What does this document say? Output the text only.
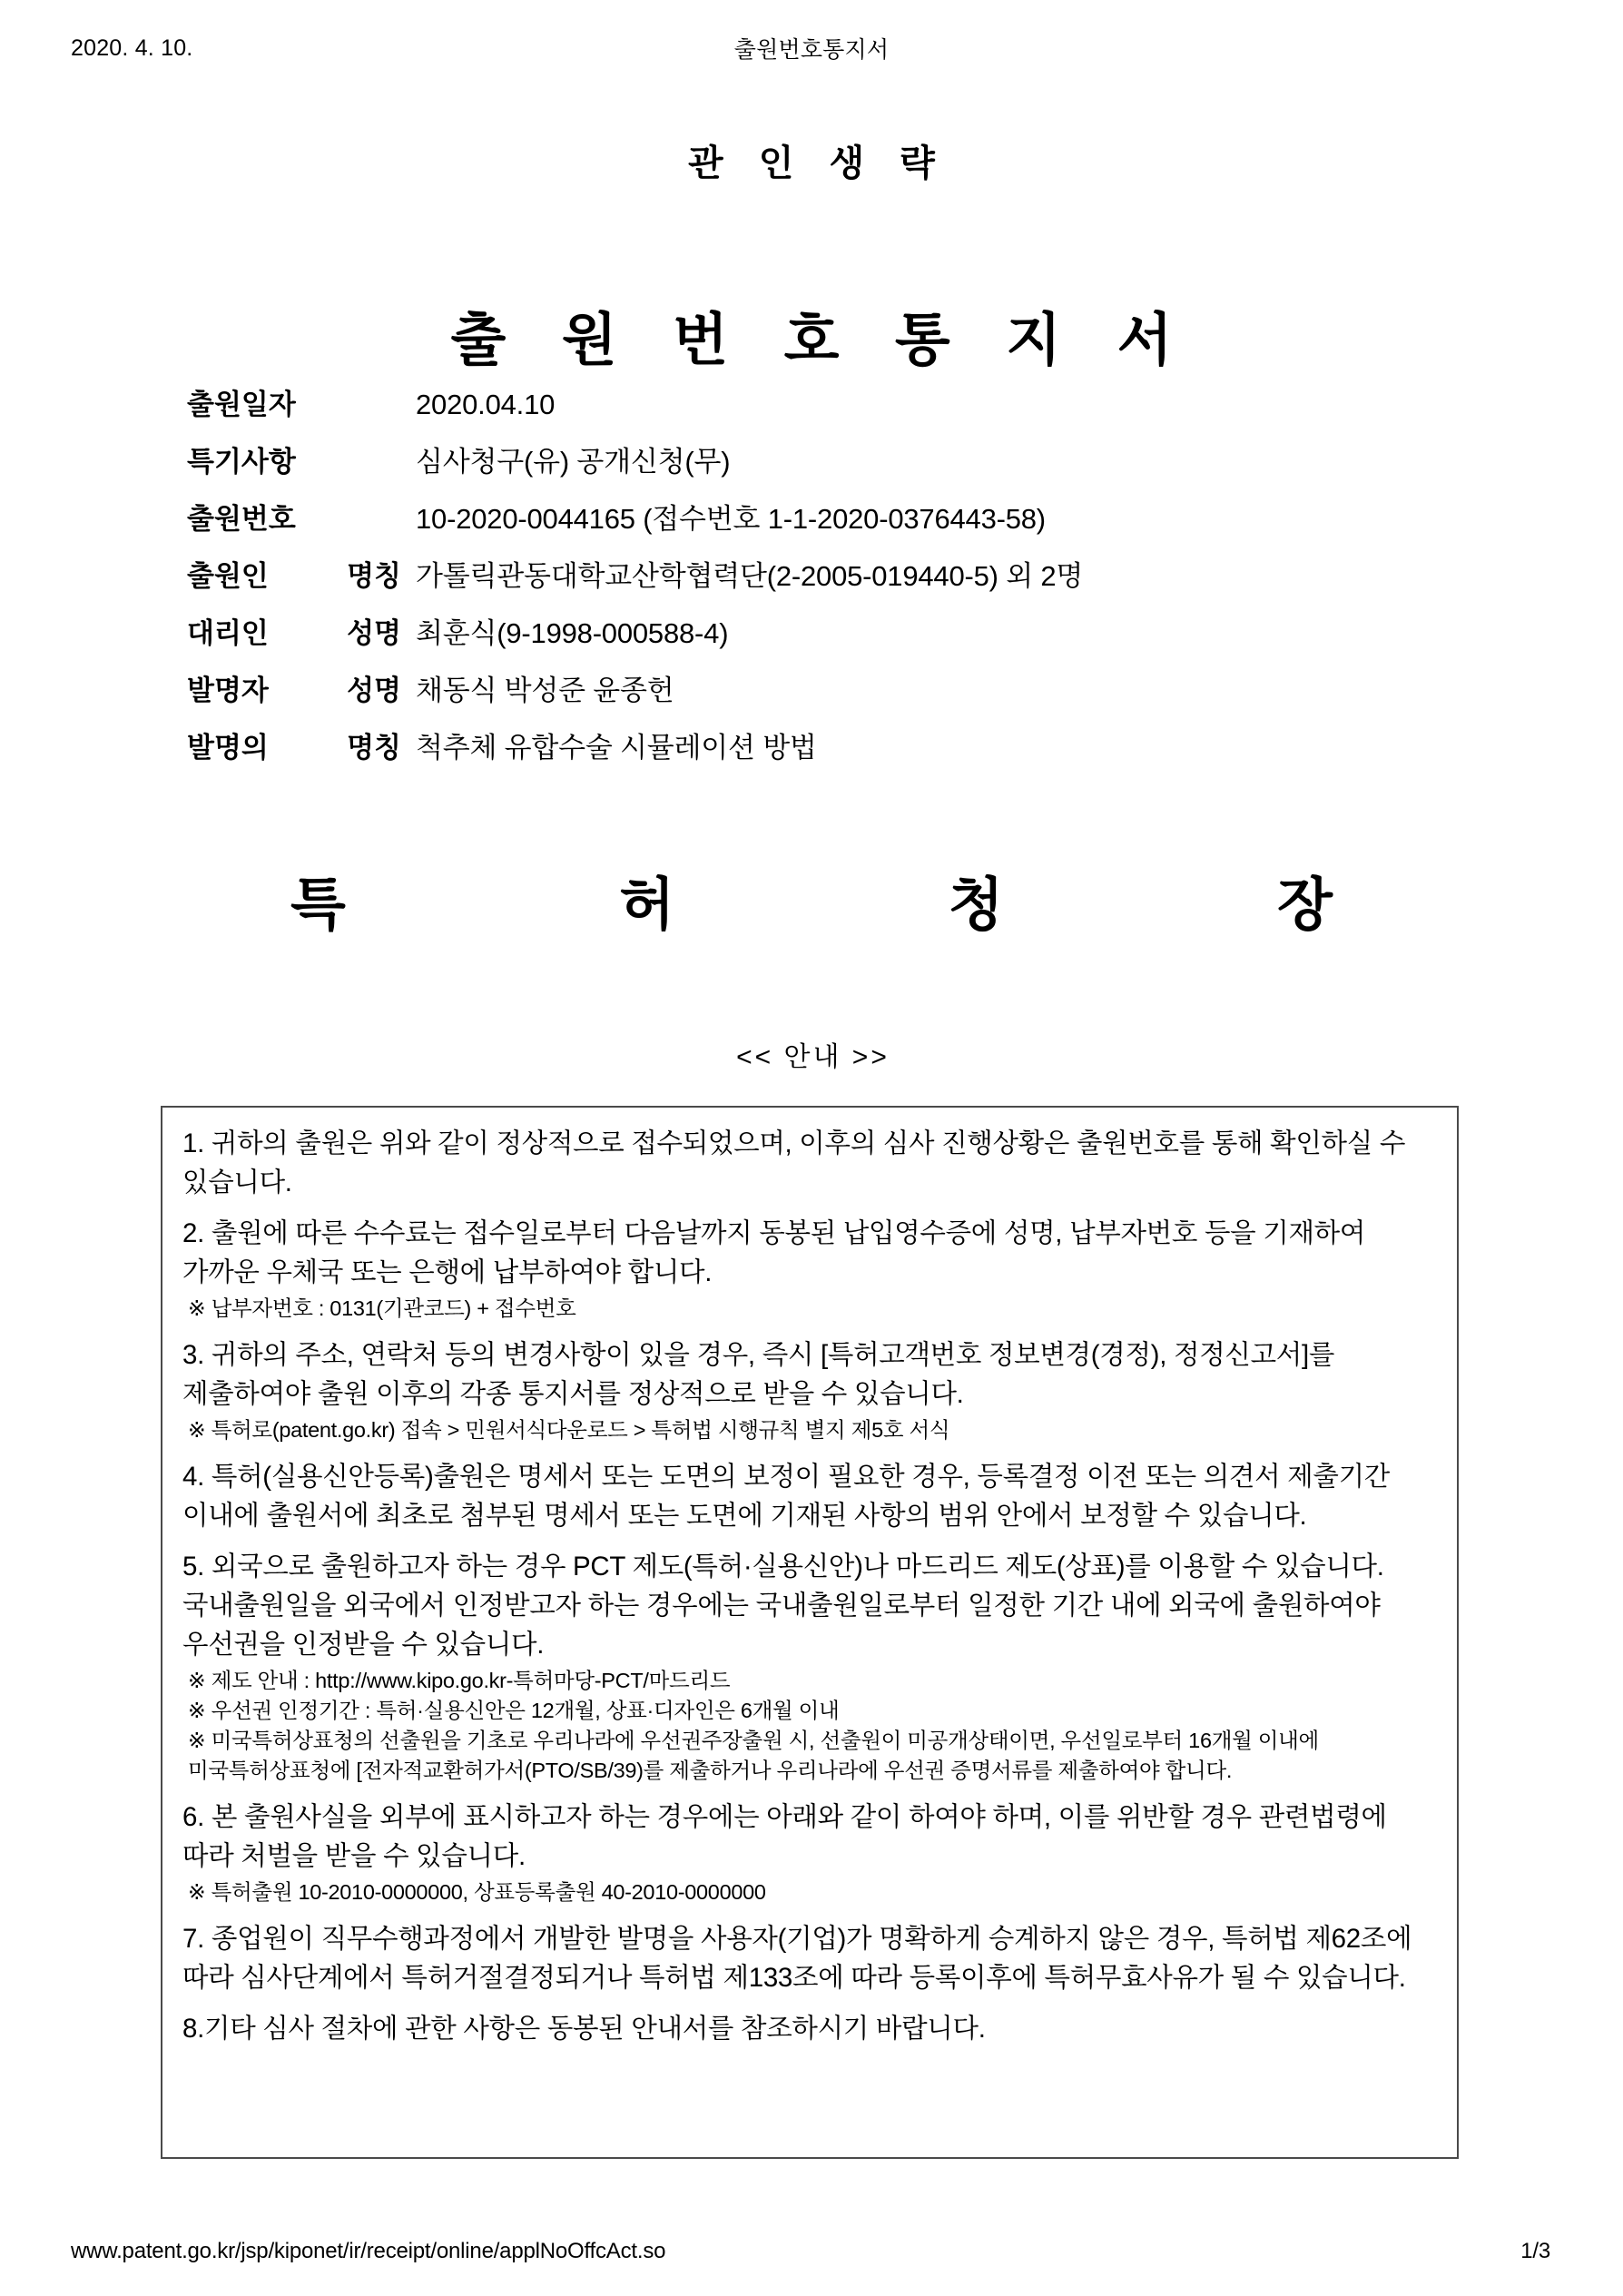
2020. 4. 10.	출원번호통지서
관 인 생 략
출 원 번 호 통 지 서
출원일자	2020.04.10
특기사항	심사청구(유) 공개신청(무)
출원번호	10-2020-0044165 (접수번호 1-1-2020-0376443-58)
출원인 명칭 가톨릭관동대학교산학협력단(2-2005-019440-5) 외 2명
대리인 성명 최훈식(9-1998-000588-4)
발명자 성명 채동식 박성준 윤종헌
발명의 명칭 척추체 유합수술 시뮬레이션 방법
특 허 청 장
<< 안내 >>
1. 귀하의 출원은 위와 같이 정상적으로 접수되었으며, 이후의 심사 진행상황은 출원번호를 통해 확인하실 수 있습니다.
2. 출원에 따른 수수료는 접수일로부터 다음날까지 동봉된 납입영수증에 성명, 납부자번호 등을 기재하여 가까운 우체국 또는 은행에 납부하여야 합니다.
※ 납부자번호 : 0131(기관코드) + 접수번호
3. 귀하의 주소, 연락처 등의 변경사항이 있을 경우, 즉시 [특허고객번호 정보변경(경정), 정정신고서]를 제출하여야 출원 이후의 각종 통지서를 정상적으로 받을 수 있습니다.
※ 특허로(patent.go.kr) 접속 > 민원서식다운로드 > 특허법 시행규칙 별지 제5호 서식
4. 특허(실용신안등록)출원은 명세서 또는 도면의 보정이 필요한 경우, 등록결정 이전 또는 의견서 제출기간 이내에 출원서에 최초로 첨부된 명세서 또는 도면에 기재된 사항의 범위 안에서 보정할 수 있습니다.
5. 외국으로 출원하고자 하는 경우 PCT 제도(특허·실용신안)나 마드리드 제도(상표)를 이용할 수 있습니다. 국내출원일을 외국에서 인정받고자 하는 경우에는 국내출원일로부터 일정한 기간 내에 외국에 출원하여야 우선권을 인정받을 수 있습니다.
※ 제도 안내 : http://www.kipo.go.kr-특허마당-PCT/마드리드
※ 우선권 인정기간 : 특허·실용신안은 12개월, 상표·디자인은 6개월 이내
※ 미국특허상표청의 선출원을 기초로 우리나라에 우선권주장출원 시, 선출원이 미공개상태이면, 우선일로부터 16개월 이내에 미국특허상표청에 [전자적교환허가서(PTO/SB/39)를 제출하거나 우리나라에 우선권 증명서류를 제출하여야 합니다.
6. 본 출원사실을 외부에 표시하고자 하는 경우에는 아래와 같이 하여야 하며, 이를 위반할 경우 관련법령에 따라 처벌을 받을 수 있습니다.
※ 특허출원 10-2010-0000000, 상표등록출원 40-2010-0000000
7. 종업원이 직무수행과정에서 개발한 발명을 사용자(기업)가 명확하게 승계하지 않은 경우, 특허법 제62조에 따라 심사단계에서 특허거절결정되거나 특허법 제133조에 따라 등록이후에 특허무효사유가 될 수 있습니다.
8.기타 심사 절차에 관한 사항은 동봉된 안내서를 참조하시기 바랍니다.
www.patent.go.kr/jsp/kiponet/ir/receipt/online/applNoOffcAct.so	1/3
